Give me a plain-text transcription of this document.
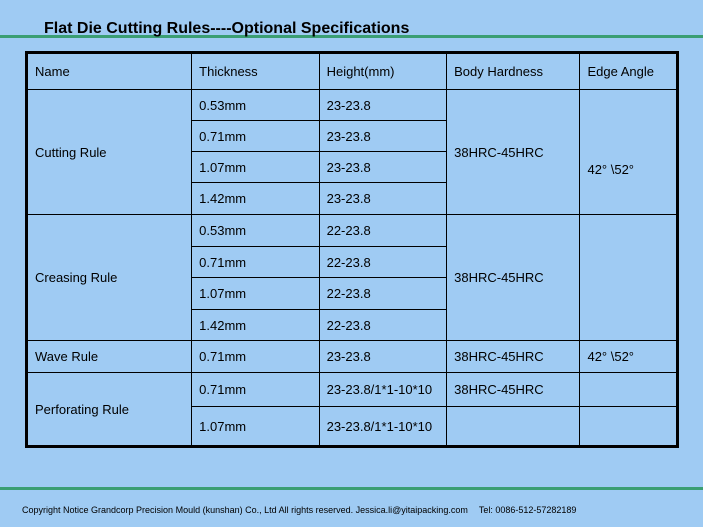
Flat Die Cutting Rules----Optional Specifications
Name	Thickness	Height(mm)	Body Hardness	Edge Angle
Cutting Rule	0.53mm	23-23.8	38HRC-45HRC	42° \52°
	0.71mm	23-23.8		
	1.07mm	23-23.8		
	1.42mm	23-23.8		
Creasing Rule	0.53mm	22-23.8	38HRC-45HRC	
	0.71mm	22-23.8		
	1.07mm	22-23.8		
	1.42mm	22-23.8		
Wave Rule	0.71mm	23-23.8	38HRC-45HRC	42° \52°
Perforating Rule	0.71mm	23-23.8/1*1-10*10	38HRC-45HRC	
	1.07mm	23-23.8/1*1-10*10		
Copyright Notice Grandcorp Precision Mould (kunshan) Co., Ltd All rights reserved. Jessica.li@yitaipacking.com Tel: 0086-512-57282189
